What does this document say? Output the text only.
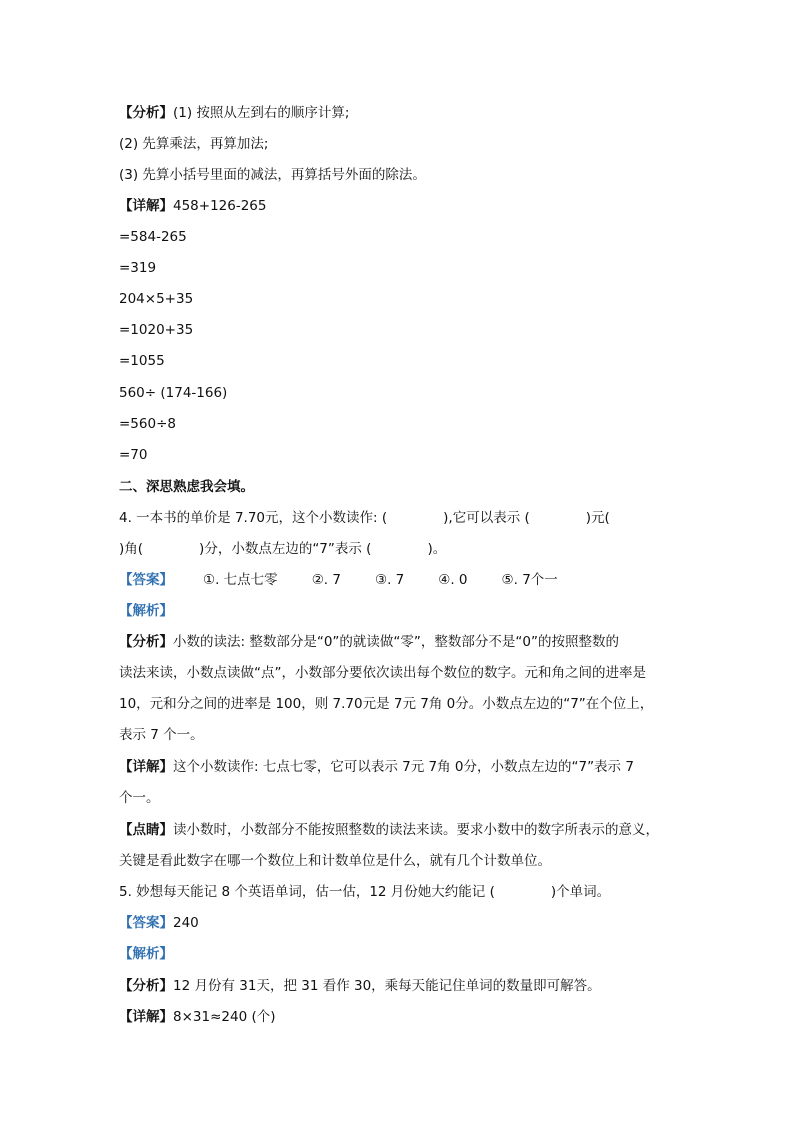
【分析】(1) 按照从左到右的顺序计算;
(2) 先算乘法，再算加法;
(3) 先算小括号里面的减法，再算括号外面的除法。
【详解】458+126-265
=584-265
=319
204×5+35
=1020+35
=1055
560÷ (174-166)
=560÷8
=70
二、深思熟虑我会填。
4. 一本书的单价是 7.70元，这个小数读作: (	),它可以表示 (	)元(
)角(	)分，小数点左边的“7”表示 (	)。
【答案】 ①. 七点七零	②. 7	③. 7	④. 0	⑤. 7个一
【解析】
【分析】小数的读法: 整数部分是“0”的就读做“零”，整数部分不是“0”的按照整数的
读法来读，小数点读做“点”，小数部分要依次读出每个数位的数字。元和角之间的进率是
10，元和分之间的进率是 100，则 7.70元是 7元 7角 0分。小数点左边的“7”在个位上，
表示 7 个一。
【详解】这个小数读作: 七点七零，它可以表示 7元 7角 0分，小数点左边的“7”表示 7
个一。
【点睛】读小数时，小数部分不能按照整数的读法来读。要求小数中的数字所表示的意义，
关键是看此数字在哪一个数位上和计数单位是什么，就有几个计数单位。
5. 妙想每天能记 8 个英语单词，估一估，12 月份她大约能记 (	)个单词。
【答案】240
【解析】
【分析】12 月份有 31天，把 31 看作 30，乘每天能记住单词的数量即可解答。
【详解】8×31≈240 (个)
